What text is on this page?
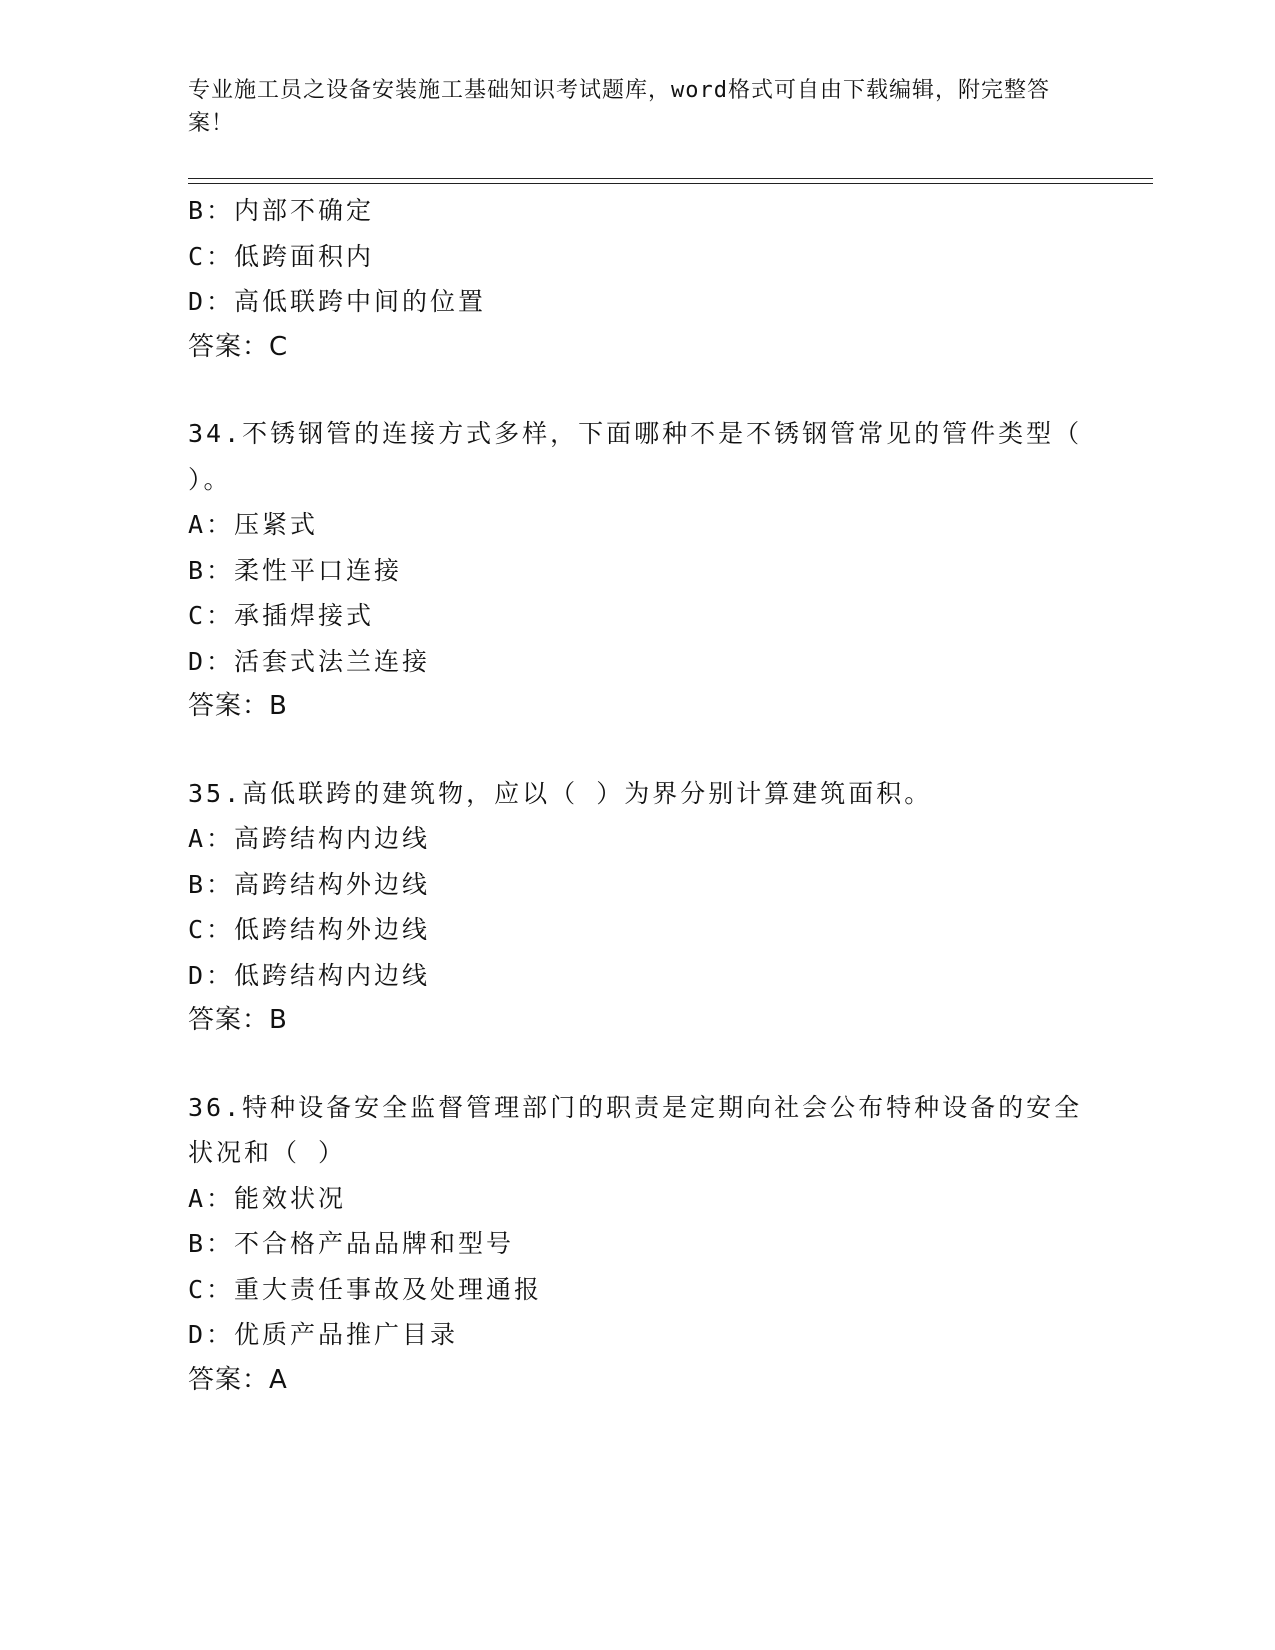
专业施工员之设备安装施工基础知识考试题库，word格式可自由下载编辑，附完整答案！
B：内部不确定
C：低跨面积内
D：高低联跨中间的位置
答案：C
34.不锈钢管的连接方式多样，下面哪种不是不锈钢管常见的管件类型（ ）。
A：压紧式
B：柔性平口连接
C：承插焊接式
D：活套式法兰连接
答案：B
35.高低联跨的建筑物，应以（ ）为界分别计算建筑面积。
A：高跨结构内边线
B：高跨结构外边线
C：低跨结构外边线
D：低跨结构内边线
答案：B
36.特种设备安全监督管理部门的职责是定期向社会公布特种设备的安全状况和（ ）
A：能效状况
B：不合格产品品牌和型号
C：重大责任事故及处理通报
D：优质产品推广目录
答案：A
